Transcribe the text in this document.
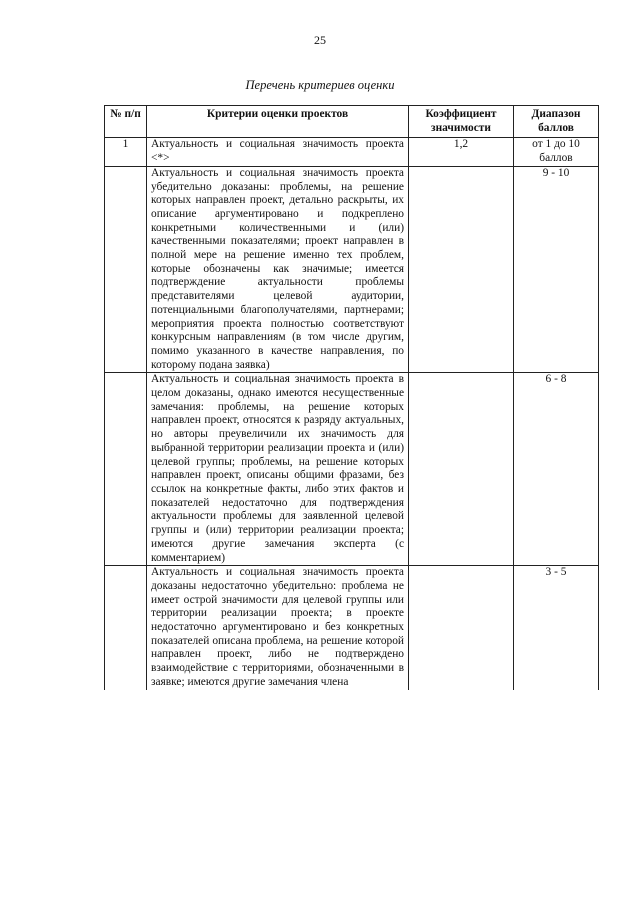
25
Перечень критериев оценки
№ п/п	Критерии оценки проектов	Коэффициент значимости	Диапазон баллов
1	Актуальность и социальная значимость проекта <*>	1,2	от 1 до 10 баллов
	Актуальность и социальная значимость проекта убедительно доказаны: проблемы, на решение которых направлен проект, детально раскрыты, их описание аргументировано и подкреплено конкретными количественными и (или) качественными показателями; проект направлен в полной мере на решение именно тех проблем, которые обозначены как значимые; имеется подтверждение актуальности проблемы представителями целевой аудитории, потенциальными благополучателями, партнерами; мероприятия проекта полностью соответствуют конкурсным направлениям (в том числе другим, помимо указанного в качестве направления, по которому подана заявка)		9 - 10
	Актуальность и социальная значимость проекта в целом доказаны, однако имеются несущественные замечания: проблемы, на решение которых направлен проект, относятся к разряду актуальных, но авторы преувеличили их значимость для выбранной территории реализации проекта и (или) целевой группы; проблемы, на решение которых направлен проект, описаны общими фразами, без ссылок на конкретные факты, либо этих фактов и показателей недостаточно для подтверждения актуальности проблемы для заявленной целевой группы и (или) территории реализации проекта; имеются другие замечания эксперта (с комментарием)		6 - 8
	Актуальность и социальная значимость проекта доказаны недостаточно убедительно: проблема не имеет острой значимости для целевой группы или территории реализации проекта; в проекте недостаточно аргументировано и без конкретных показателей описана проблема, на решение которой направлен проект, либо не подтверждено взаимодействие с территориями, обозначенными в заявке; имеются другие замечания члена		3 - 5
